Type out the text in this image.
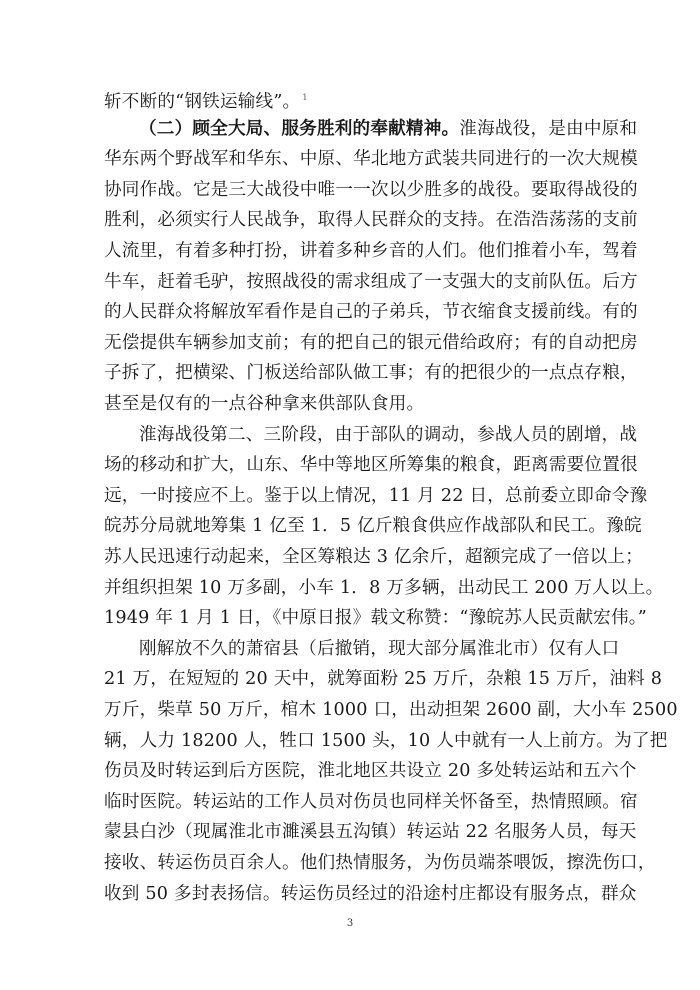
斩不断的“钢铁运输线”。 $^1$
（二）顾全大局、服务胜利的奉献精神。淮海战役，是由中原和
华东两个野战军和华东、中原、华北地方武装共同进行的一次大规模
协同作战。它是三大战役中唯一一次以少胜多的战役。要取得战役的
胜利，必须实行人民战争，取得人民群众的支持。在浩浩荡荡的支前
人流里，有着多种打扮，讲着多种乡音的人们。他们推着小车，驾着
牛车，赶着毛驴，按照战役的需求组成了一支强大的支前队伍。后方
的人民群众将解放军看作是自己的子弟兵，节衣缩食支援前线。有的
无偿提供车辆参加支前；有的把自己的银元借给政府；有的自动把房
子拆了，把横梁、门板送给部队做工事；有的把很少的一点点存粮，
甚至是仅有的一点谷种拿来供部队食用。
淮海战役第二、三阶段，由于部队的调动，参战人员的剧增，战
场的移动和扩大，山东、华中等地区所筹集的粮食，距离需要位置很
远，一时接应不上。鉴于以上情况，11 月 22 日，总前委立即命令豫
皖苏分局就地筹集 1 亿至 1．5 亿斤粮食供应作战部队和民工。豫皖
苏人民迅速行动起来，全区筹粮达 3 亿余斤，超额完成了一倍以上；
并组织担架 10 万多副，小车 1．8 万多辆，出动民工 200 万人以上。
1949 年 1 月 1 日，《中原日报》载文称赞：“豫皖苏人民贡献宏伟。”
刚解放不久的萧宿县（后撤销，现大部分属淮北市）仅有人口
21 万，在短短的 20 天中，就筹面粉 25 万斤，杂粮 15 万斤，油料 8
万斤，柴草 50 万斤，棺木 1000 口，出动担架 2600 副，大小车 2500
辆，人力 18200 人，牲口 1500 头，10 人中就有一人上前方。为了把
伤员及时转运到后方医院，淮北地区共设立 20 多处转运站和五六个
临时医院。转运站的工作人员对伤员也同样关怀备至，热情照顾。宿
蒙县白沙（现属淮北市濉溪县五沟镇）转运站 22 名服务人员，每天
接收、转运伤员百余人。他们热情服务，为伤员端茶喂饭，擦洗伤口，
收到 50 多封表扬信。转运伤员经过的沿途村庄都设有服务点，群众
3
